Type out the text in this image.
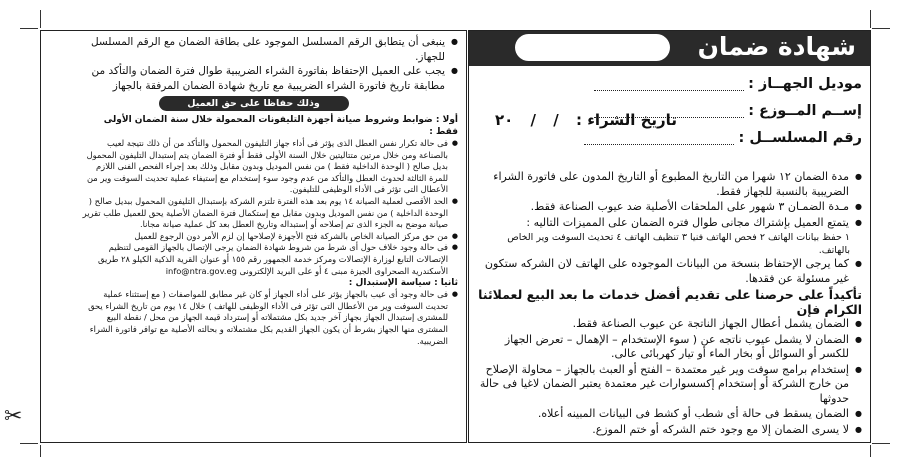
✂
● ينبغى أن يتطابق الرقم المسلسل الموجود على بطاقة الضمان مع الرقم المسلسل للجهاز.
● يجب على العميل الإحتفاظ بفاتورة الشراء الضريبية طوال فترة الضمان والتأكد من مطابقة تاريخ فاتورة الشراء الضريبية مع تاريخ شهادة الضمان المرفقة بالجهاز
وذلك حفاظا على حق العميل
أولا : ضوابط وشروط صيانة أجهزة التليفونات المحمولة خلال سنة الضمان الأولى فقط :
● فى حالة تكرار نفس العطل الذى يؤثر فى أداء جهاز التليفون المحمول والتأكد من أن ذلك نتيجة لعيب بالصناعة ومن خلال مرتين متتاليتين خلال السنة الأولى فقط أو فترة الضمان يتم إستبدال التليفون المحمول بديل صالح ( الوحدة الداخلية فقط ) من نفس الموديل وبدون مقابل وذلك بعد إجراء الفحص الفنى اللازم للمرة الثالثة لحدوث العطل والتأكد من عدم وجود سوء إستخدام مع إستيفاء عملية تحديث السوفت وير من الأعطال التى تؤثر فى الأداء الوظيفى للتليفون.
● الحد الأقصى لعملية الصيانة ١٤ يوم بعد هذه الفترة تلتزم الشركة بإستبدال التليفون المحمول ببديل صالح ( الوحدة الداخلية ) من نفس الموديل وبدون مقابل مع إستكمال فترة الضمان الأصلية يحق للعميل طلب تقرير صيانة موضح به الجزء الذى تم إصلاحه أو إستبداله وتاريخ العطل بعد كل عملية صيانة مجانا.
● من حق مركز الصيانة الخاص بالشركة فتح الأجهزة لإصلاحها إن لزم الأمر دون الرجوع للعميل
● فى حالة وجود خلاف حول أى شرط من شروط شهادة الضمان يرجى الإتصال بالجهاز القومى لتنظيم الإتصالات التابع لوزارة الإتصالات ومركز خدمة الجمهور رقم ١٥٥ أو عنوان القرية الذكية الكيلو ٢٨ طريق الأسكندرية الصحراوى الجيزة مبنى ٤ أو على البريد الإلكترونى info@ntra.gov.eg
ثانيا : سياسة الإستبدال :
● فى حالة وجود أى عيب بالجهاز يؤثر على أداء الجهاز أو كان غير مطابق للمواصفات ( مع إستثناء عملية تحديث السوفت وير من الأعطال التى تؤثر فى الأداء الوظيفى للهاتف ) خلال ١٤ يوم من تاريخ الشراء يحق للمشترى إستبدال الجهاز بجهاز آخر جديد بكل مشتملاته أو إسترداد قيمة الجهاز من محل / نقطة البيع المشترى منها الجهاز بشرط أن يكون الجهاز القديم بكل مشتملاته و بحالته الأصلية مع توافر فاتورة الشراء الضريبية.
شهادة ضمان
موديل الجهــاز :
إســم المــوزع :
رقم المسلســل :
تاريخ الشراء : / / ٢٠
● مدة الضمان ١٢ شهرا من التاريخ المطبوع أو التاريخ المدون على فاتورة الشراء الضريبية بالنسبة للجهاز فقط.
● مـدة الضمـان ٣ شهور على الملحقات الأصلية ضد عيوب الصناعة فقط.
● يتمتع العميل بإشتراك مجانى طوال فتره الضمان على المميزات التاليه :
١ حفظ بيانات الهاتف ٢ فحص الهاتف فنيا ٣ تنظيف الهاتف ٤ تحديث السوفت وير الخاص بالهاتف.
● كما يرجى الإحتفاظ بنسخة من البيانات الموجوده على الهاتف لان الشركه ستكون غير مسئولة عن فقدها.
تأكيداً على حرصنا على تقديم أفضل خدمات ما بعد البيع لعملائنا الكرام فإن
● الضمان يشمل أعطال الجهاز الناتجة عن عيوب الصناعة فقط.
● الضمان لا يشمل عيوب ناتجه عن ( سوء الإستخدام – الإهمال – تعرض الجهاز للكسر أو السوائل أو بخار الماء أو تيار كهربائى عالى.
● إستخدام برامج سوفت وير غير معتمدة – الفتح أو العبث بالجهاز – محاولة الإصلاح من خارج الشركة أو إستخدام إكسسوارات غير معتمدة يعتبر الضمان لاغيا فى حالة حدوثها
● الضمان يسقط فى حالة أى شطب أو كشط فى البيانات المبينه أعلاه.
● لا يسرى الضمان إلا مع وجود ختم الشركه أو ختم الموزع.
